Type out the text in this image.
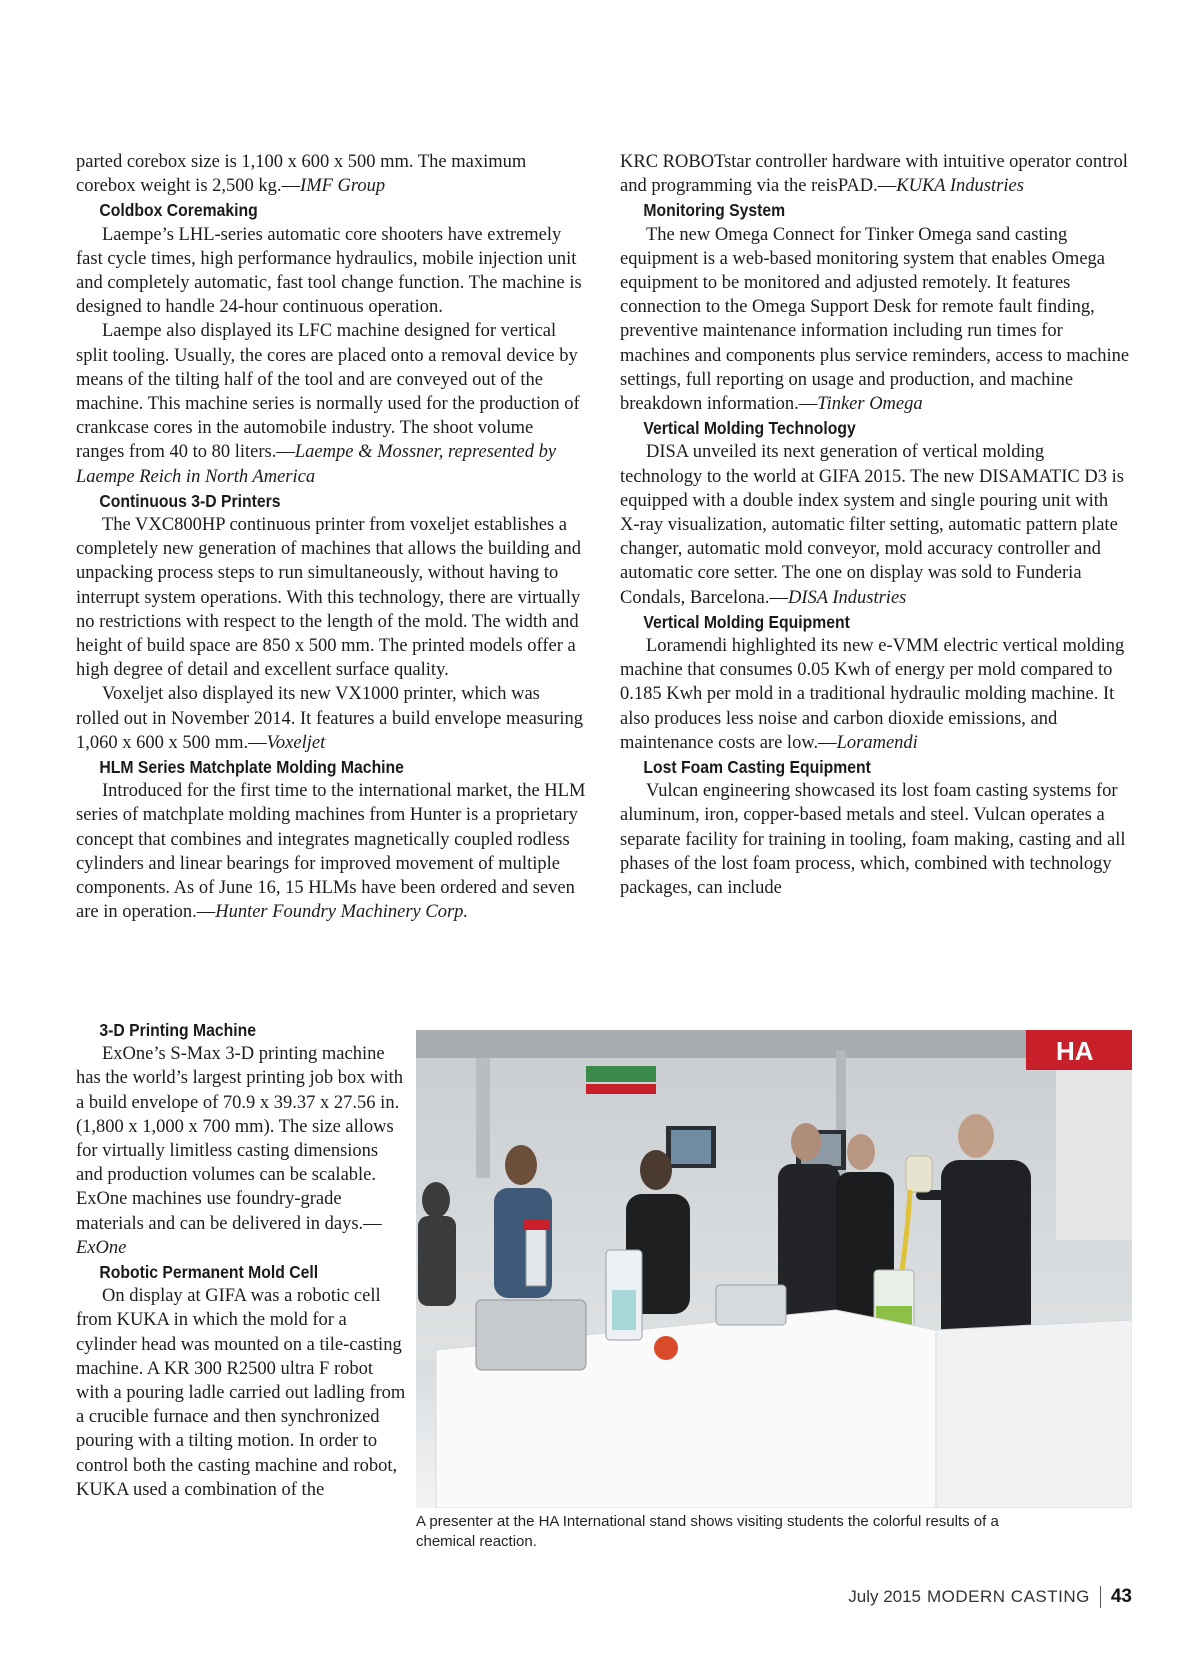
parted corebox size is 1,100 x 600 x 500 mm. The maximum
corebox weight is 2,500 kg.—IMF Group

Coldbox Coremaking

Laempe’s LHL-series automatic core shooters have extremely fast cycle times, high performance hydraulics, mobile injection unit and completely automatic, fast tool change function. The machine is designed to handle 24-hour continuous operation.

Laempe also displayed its LFC machine designed for vertical split tooling. Usually, the cores are placed onto a removal device by means of the tilting half of the tool and are conveyed out of the machine. This machine series is normally used for the production of crankcase cores in the automobile industry. The shoot volume ranges from 40 to 80 liters.—Laempe & Mossner, represented by Laempe Reich in North America

Continuous 3-D Printers

The VXC800HP continuous printer from voxeljet establishes a completely new generation of machines that allows the building and unpacking process steps to run simultaneously, without having to interrupt system operations. With this technology, there are virtually no restrictions with respect to the length of the mold. The width and height of build space are 850 x 500 mm. The printed models offer a high degree of detail and excellent surface quality.

Voxeljet also displayed its new VX1000 printer, which was rolled out in November 2014. It features a build envelope measuring 1,060 x 600 x 500 mm.—Voxeljet

HLM Series Matchplate Molding Machine

Introduced for the first time to the international market, the HLM series of matchplate molding machines from Hunter is a proprietary concept that combines and integrates magnetically coupled rodless cylinders and linear bearings for improved movement of multiple components. As of June 16, 15 HLMs have been ordered and seven are in operation.—Hunter Foundry Machinery Corp.

3-D Printing Machine

ExOne’s S-Max 3-D printing machine has the world’s largest printing job box with a build envelope of 70.9 x 39.37 x 27.56 in. (1,800 x 1,000 x 700 mm). The size allows for virtually limitless casting dimensions and production volumes can be scalable. ExOne machines use foundry-grade materials and can be delivered in days.—ExOne

Robotic Permanent Mold Cell

On display at GIFA was a robotic cell from KUKA in which the mold for a cylinder head was mounted on a tile-casting machine. A KR 300 R2500 ultra F robot with a pouring ladle carried out ladling from a crucible furnace and then synchronized pouring with a tilting motion. In order to control both the casting machine and robot, KUKA used a combination of the

KRC ROBOTstar controller hardware with intuitive operator control and programming via the reisPAD.—KUKA Industries

Monitoring System

The new Omega Connect for Tinker Omega sand casting equipment is a web-based monitoring system that enables Omega equipment to be monitored and adjusted remotely. It features connection to the Omega Support Desk for remote fault finding, preventive maintenance information including run times for machines and components plus service reminders, access to machine settings, full reporting on usage and production, and machine breakdown information.—Tinker Omega

Vertical Molding Technology

DISA unveiled its next generation of vertical molding technology to the world at GIFA 2015. The new DISAMATIC D3 is equipped with a double index system and single pouring unit with X-ray visualization, automatic filter setting, automatic pattern plate changer, automatic mold conveyor, mold accuracy controller and automatic core setter. The one on display was sold to Funderia Condals, Barcelona.—DISA Industries

Vertical Molding Equipment

Loramendi highlighted its new e-VMM electric vertical molding machine that consumes 0.05 Kwh of energy per mold compared to 0.185 Kwh per mold in a traditional hydraulic molding machine. It also produces less noise and carbon dioxide emissions, and maintenance costs are low.—Loramendi

Lost Foam Casting Equipment

Vulcan engineering showcased its lost foam casting systems for aluminum, iron, copper-based metals and steel. Vulcan operates a separate facility for training in tooling, foam making, casting and all phases of the lost foam process, which, combined with technology packages, can include

HA
A presenter at the HA International stand shows visiting students the colorful results of a chemical reaction.
July 2015 MODERN CASTING 43
